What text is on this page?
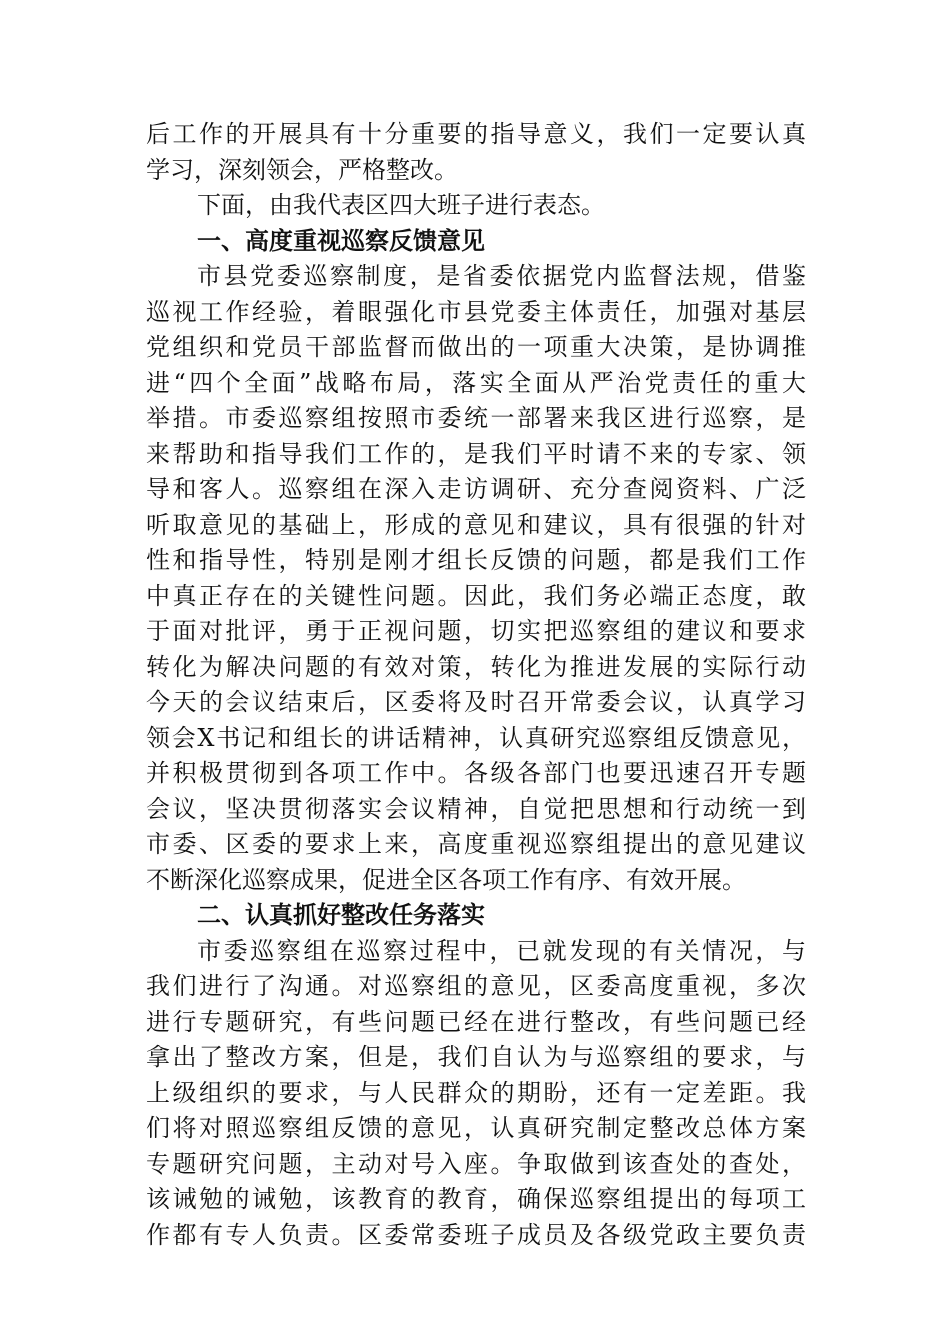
后工作的开展具有十分重要的指导意义，我们一定要认真
学习，深刻领会，严格整改。
下面，由我代表区四大班子进行表态。
一、高度重视巡察反馈意见
市县党委巡察制度，是省委依据党内监督法规，借鉴
巡视工作经验，着眼强化市县党委主体责任，加强对基层
党组织和党员干部监督而做出的一项重大决策，是协调推
进“四个全面”战略布局，落实全面从严治党责任的重大
举措。市委巡察组按照市委统一部署来我区进行巡察，是
来帮助和指导我们工作的，是我们平时请不来的专家、领
导和客人。巡察组在深入走访调研、充分查阅资料、广泛
听取意见的基础上，形成的意见和建议，具有很强的针对
性和指导性，特别是刚才组长反馈的问题，都是我们工作
中真正存在的关键性问题。因此，我们务必端正态度，敢
于面对批评，勇于正视问题，切实把巡察组的建议和要求
转化为解决问题的有效对策，转化为推进发展的实际行动
今天的会议结束后，区委将及时召开常委会议，认真学习
领会X书记和组长的讲话精神，认真研究巡察组反馈意见，
并积极贯彻到各项工作中。各级各部门也要迅速召开专题
会议，坚决贯彻落实会议精神，自觉把思想和行动统一到
市委、区委的要求上来，高度重视巡察组提出的意见建议
不断深化巡察成果，促进全区各项工作有序、有效开展。
二、认真抓好整改任务落实
市委巡察组在巡察过程中，已就发现的有关情况，与
我们进行了沟通。对巡察组的意见，区委高度重视，多次
进行专题研究，有些问题已经在进行整改，有些问题已经
拿出了整改方案，但是，我们自认为与巡察组的要求，与
上级组织的要求，与人民群众的期盼，还有一定差距。我
们将对照巡察组反馈的意见，认真研究制定整改总体方案
专题研究问题，主动对号入座。争取做到该查处的查处，
该诫勉的诫勉，该教育的教育，确保巡察组提出的每项工
作都有专人负责。区委常委班子成员及各级党政主要负责
